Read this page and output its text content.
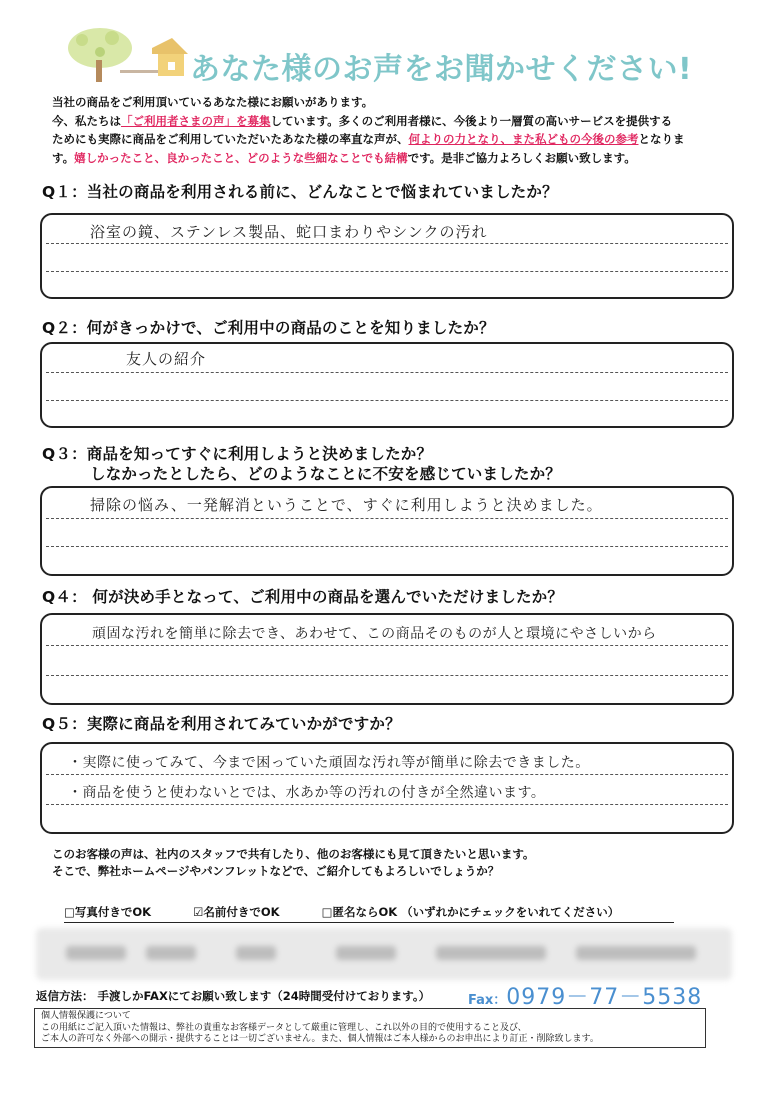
あなた様のお声をお聞かせください!
当社の商品をご利用頂いているあなた様にお願いがあります。
今、私たちは「ご利用者さまの声」を募集しています。多くのご利用者様に、今後より一層質の高いサービスを提供する
ためにも実際に商品をご利用していただいたあなた様の率直な声が、何よりの力となり、また私どもの今後の参考となりま
す。嬉しかったこと、良かったこと、どのような些細なことでも結構です。是非ご協力よろしくお願い致します。
Q１：当社の商品を利用される前に、どんなことで悩まれていましたか？
浴室の鏡、ステンレス製品、蛇口まわりやシンクの汚れ
Q２：何がきっかけで、ご利用中の商品のことを知りましたか？
友人の紹介
Q３：商品を知ってすぐに利用しようと決めましたか？
しなかったとしたら、どのようなことに不安を感じていましたか？
掃除の悩み、一発解消ということで、すぐに利用しようと決めました。
Q４： 何が決め手となって、ご利用中の商品を選んでいただけましたか？
頑固な汚れを簡単に除去でき、あわせて、この商品そのものが人と環境にやさしいから
Q５：実際に商品を利用されてみていかがですか？
・実際に使ってみて、今まで困っていた頑固な汚れ等が簡単に除去できました。
・商品を使うと使わないとでは、水あか等の汚れの付きが全然違います。
このお客様の声は、社内のスタッフで共有したり、他のお客様にも見て頂きたいと思います。
そこで、弊社ホームページやパンフレットなどで、ご紹介してもよろしいでしょうか？
□写真付きでOK	☑名前付きでOK	□匿名ならOK （いずれかにチェックをいれてください）
返信方法： 手渡しかFAXにてお願い致します（24時間受付けております。）	Fax：0979－77－5538
個人情報保護について
この用紙にご記入頂いた情報は、弊社の貴重なお客様データとして厳重に管理し、これ以外の目的で使用すること及び、
ご本人の許可なく外部への開示・提供することは一切ございません。また、個人情報はご本人様からのお申出により訂正・削除致します。
